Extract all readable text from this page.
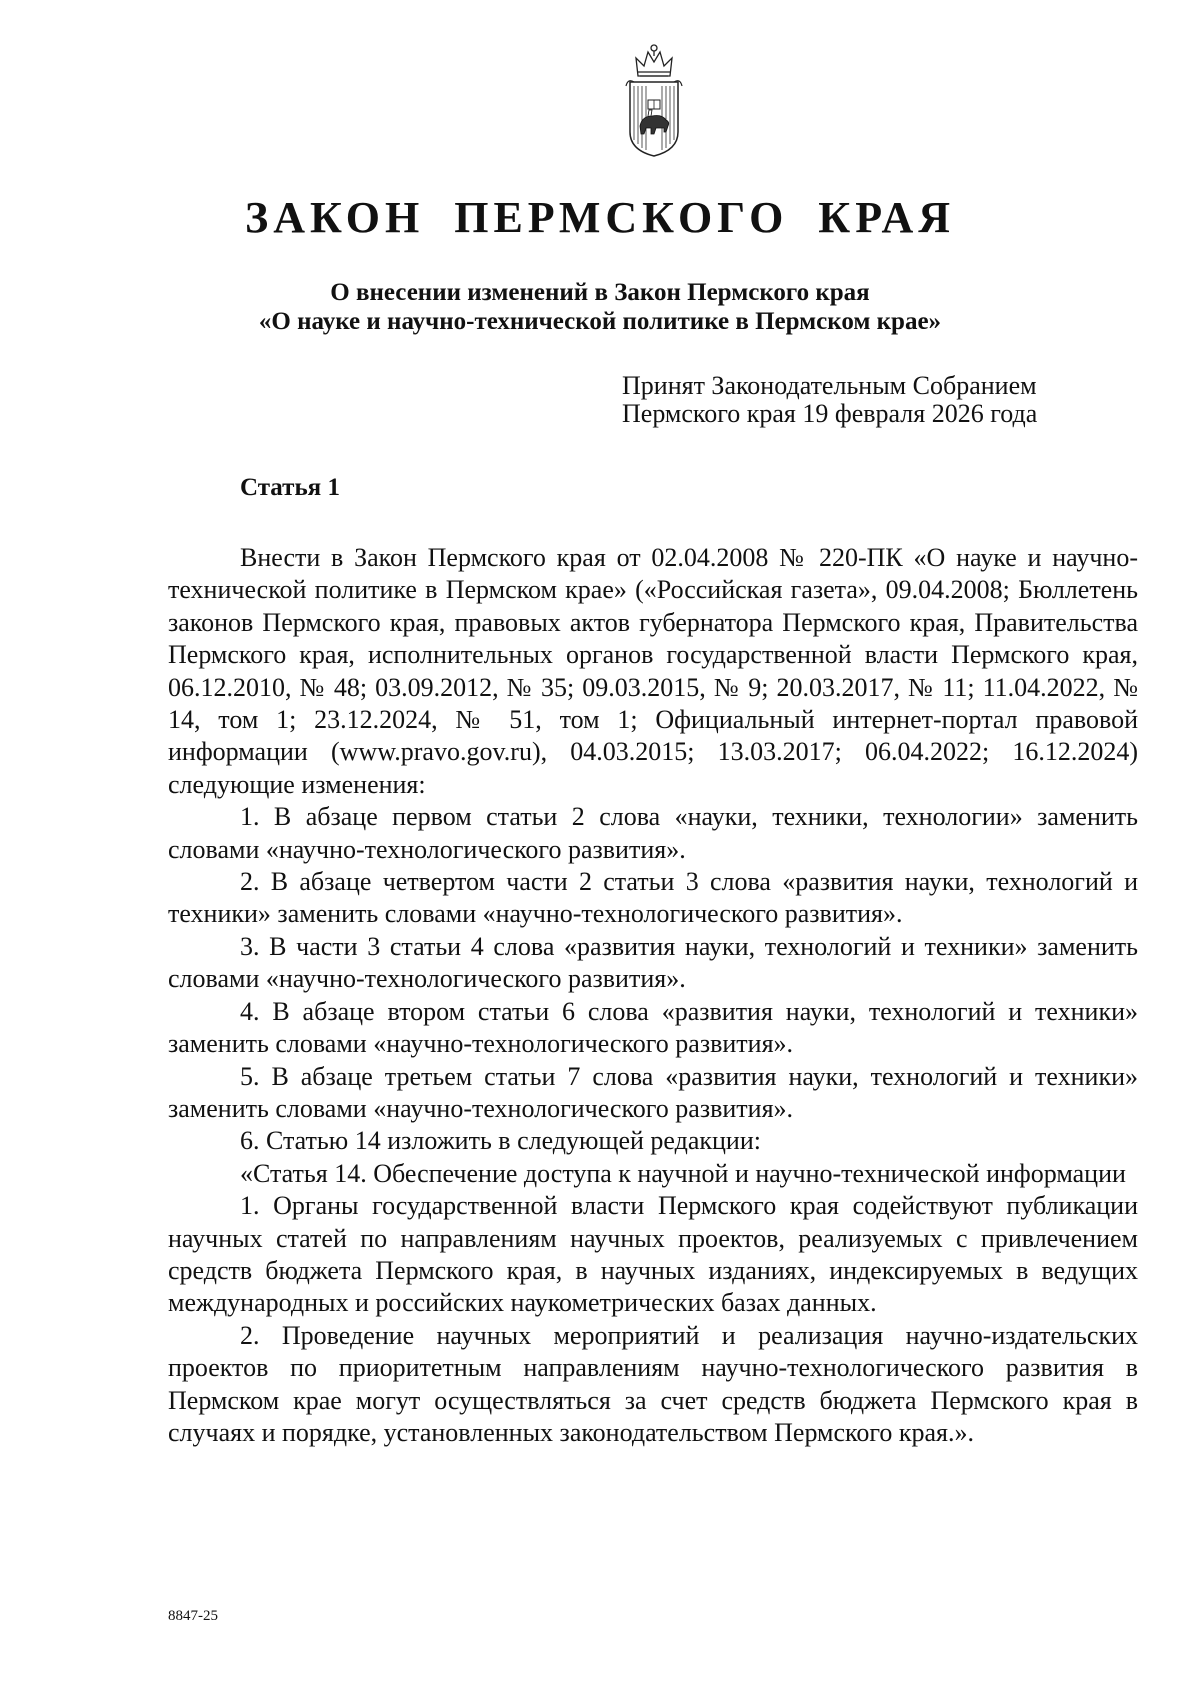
ЗАКОН ПЕРМСКОГО КРАЯ
О внесении изменений в Закон Пермского края
«О науке и научно-технической политике в Пермском крае»
Принят Законодательным Собранием
Пермского края 19 февраля 2026 года
Статья 1

Внести в Закон Пермского края от 02.04.2008 № 220-ПК «О науке и научно-технической политике в Пермском крае» («Российская газета», 09.04.2008; Бюллетень законов Пермского края, правовых актов губернатора Пермского края, Правительства Пермского края, исполнительных органов государственной власти Пермского края, 06.12.2010, № 48; 03.09.2012, № 35; 09.03.2015, № 9; 20.03.2017, № 11; 11.04.2022, № 14, том 1; 23.12.2024, № 51, том 1; Официальный интернет-портал правовой информации (www.pravo.gov.ru), 04.03.2015; 13.03.2017; 06.04.2022; 16.12.2024) следующие изменения:

1. В абзаце первом статьи 2 слова «науки, техники, технологии» заменить словами «научно-технологического развития».

2. В абзаце четвертом части 2 статьи 3 слова «развития науки, технологий и техники» заменить словами «научно-технологического развития».

3. В части 3 статьи 4 слова «развития науки, технологий и техники» заменить словами «научно-технологического развития».

4. В абзаце втором статьи 6 слова «развития науки, технологий и техники» заменить словами «научно-технологического развития».

5. В абзаце третьем статьи 7 слова «развития науки, технологий и техники» заменить словами «научно-технологического развития».

6. Статью 14 изложить в следующей редакции:

«Статья 14. Обеспечение доступа к научной и научно-технической информации

1. Органы государственной власти Пермского края содействуют публикации научных статей по направлениям научных проектов, реализуемых с привлечением средств бюджета Пермского края, в научных изданиях, индексируемых в ведущих международных и российских наукометрических базах данных.

2. Проведение научных мероприятий и реализация научно-издательских проектов по приоритетным направлениям научно-технологического развития в Пермском крае могут осуществляться за счет средств бюджета Пермского края в случаях и порядке, установленных законодательством Пермского края.».

8847-25
